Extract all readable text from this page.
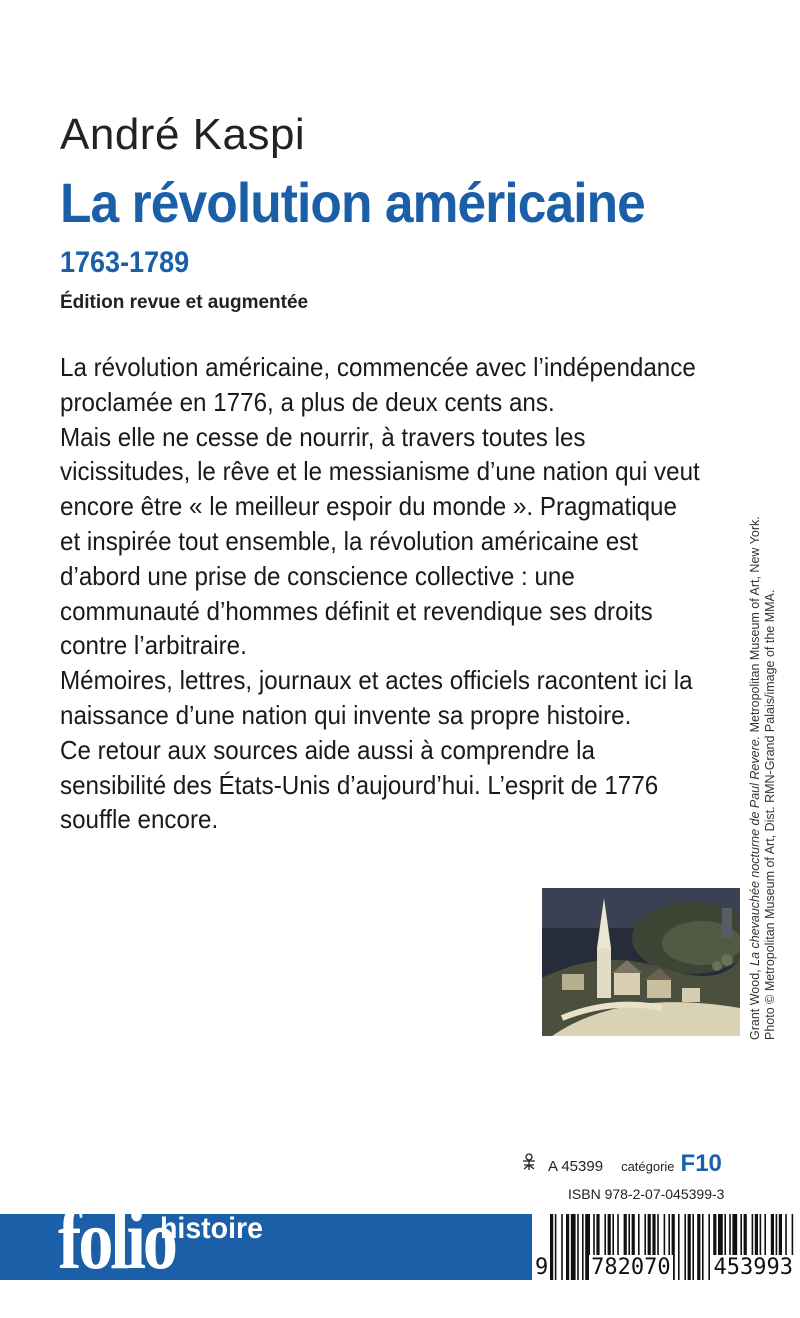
André Kaspi
La révolution américaine
1763-1789
Édition revue et augmentée

La révolution américaine, commencée avec l’indépendance proclamée en 1776, a plus de deux cents ans.

Mais elle ne cesse de nourrir, à travers toutes les vicissitudes, le rêve et le messianisme d’une nation qui veut encore être « le meilleur espoir du monde ». Pragmatique et inspirée tout ensemble, la révolution américaine est d’abord une prise de conscience collective : une communauté d’hommes définit et revendique ses droits contre l’arbitraire.

Mémoires, lettres, journaux et actes officiels racontent ici la naissance d’une nation qui invente sa propre histoire.

Ce retour aux sources aide aussi à comprendre la sensibilité des États-Unis d’aujourd’hui. L’esprit de 1776 souffle encore.

Grant Wood, La chevauchée nocturne de Paul Revere. Metropolitan Museum of Art, New York. Photo © Metropolitan Museum of Art, Dist. RMN-Grand Palais/image of the MMA.
A 45399 catégorie F10
ISBN 978-2-07-045399-3
folio
histoire
9 782070 453993
